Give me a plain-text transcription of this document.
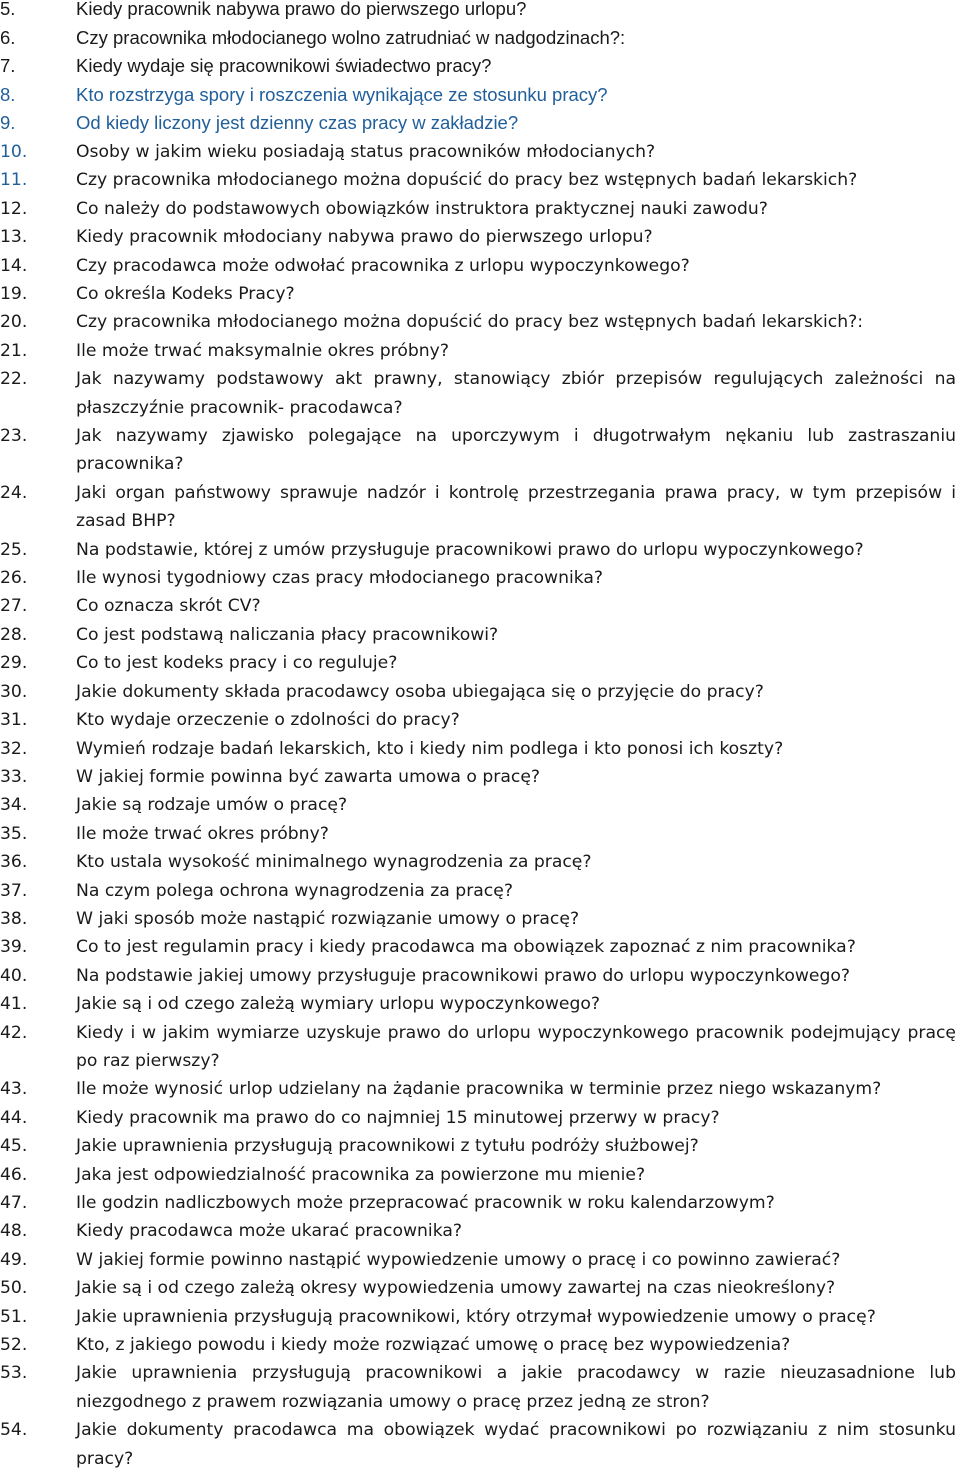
5.	Kiedy pracownik nabywa prawo do pierwszego urlopu?
6.	Czy pracownika młodocianego wolno zatrudniać w nadgodzinach?:
7.	Kiedy wydaje się pracownikowi świadectwo pracy?
8.	Kto rozstrzyga spory i roszczenia wynikające ze stosunku pracy?
9.	Od kiedy liczony jest dzienny czas pracy w zakładzie?
10.	Osoby w jakim wieku posiadają status pracowników młodocianych?
11.	Czy pracownika młodocianego można dopuścić do pracy bez wstępnych badań lekarskich?
12.	Co należy do podstawowych obowiązków instruktora praktycznej nauki zawodu?
13.	Kiedy pracownik młodociany nabywa prawo do pierwszego urlopu?
14.	Czy pracodawca może odwołać pracownika z urlopu wypoczynkowego?
19.	Co określa Kodeks Pracy?
20.	Czy pracownika młodocianego można dopuścić do pracy bez wstępnych badań lekarskich?:
21.	Ile może trwać maksymalnie okres próbny?
22.	Jak nazywamy podstawowy akt prawny, stanowiący zbiór przepisów regulujących zależności na płaszczyźnie pracownik- pracodawca?
23.	Jak nazywamy zjawisko polegające na uporczywym i długotrwałym nękaniu lub zastraszaniu pracownika?
24.	Jaki organ państwowy sprawuje nadzór i kontrolę przestrzegania prawa pracy, w tym przepisów i zasad BHP?
25.	Na podstawie, której z umów przysługuje pracownikowi prawo do urlopu wypoczynkowego?
26.	Ile wynosi tygodniowy czas pracy młodocianego pracownika?
27.	Co oznacza skrót CV?
28.	Co jest podstawą naliczania płacy pracownikowi?
29.	Co to jest kodeks pracy i co reguluje?
30.	Jakie dokumenty składa pracodawcy osoba ubiegająca się o przyjęcie do pracy?
31.	Kto wydaje orzeczenie o zdolności do pracy?
32.	Wymień rodzaje badań lekarskich, kto i kiedy nim podlega i kto ponosi ich koszty?
33.	W jakiej formie powinna być zawarta umowa o pracę?
34.	Jakie są rodzaje umów o pracę?
35.	Ile może trwać okres próbny?
36.	Kto ustala wysokość minimalnego wynagrodzenia za pracę?
37.	Na czym polega ochrona wynagrodzenia za pracę?
38.	W jaki sposób może nastąpić rozwiązanie umowy o pracę?
39.	Co to jest regulamin pracy i kiedy pracodawca ma obowiązek zapoznać z nim pracownika?
40.	Na podstawie jakiej umowy przysługuje pracownikowi prawo do urlopu wypoczynkowego?
41.	Jakie są i od czego zależą wymiary urlopu wypoczynkowego?
42.	Kiedy i w jakim wymiarze uzyskuje prawo do urlopu wypoczynkowego pracownik podejmujący pracę po raz pierwszy?
43.	Ile może wynosić urlop udzielany na żądanie pracownika w terminie przez niego wskazanym?
44.	Kiedy pracownik ma prawo do co najmniej 15 minutowej przerwy w pracy?
45.	Jakie uprawnienia przysługują pracownikowi z tytułu podróży służbowej?
46.	Jaka jest odpowiedzialność pracownika za powierzone mu mienie?
47.	Ile godzin nadliczbowych może przepracować pracownik w roku kalendarzowym?
48.	Kiedy pracodawca może ukarać pracownika?
49.	W jakiej formie powinno nastąpić wypowiedzenie umowy o pracę i co powinno zawierać?
50.	Jakie są i od czego zależą okresy wypowiedzenia umowy zawartej na czas nieokreślony?
51.	Jakie uprawnienia przysługują pracownikowi, który otrzymał wypowiedzenie umowy o pracę?
52.	Kto, z jakiego powodu i kiedy może rozwiązać umowę o pracę bez wypowiedzenia?
53.	Jakie uprawnienia przysługują pracownikowi a jakie pracodawcy w razie nieuzasadnione lub niezgodnego z prawem rozwiązania umowy o pracę przez jedną ze stron?
54.	Jakie dokumenty pracodawca ma obowiązek wydać pracownikowi po rozwiązaniu z nim stosunku pracy?
